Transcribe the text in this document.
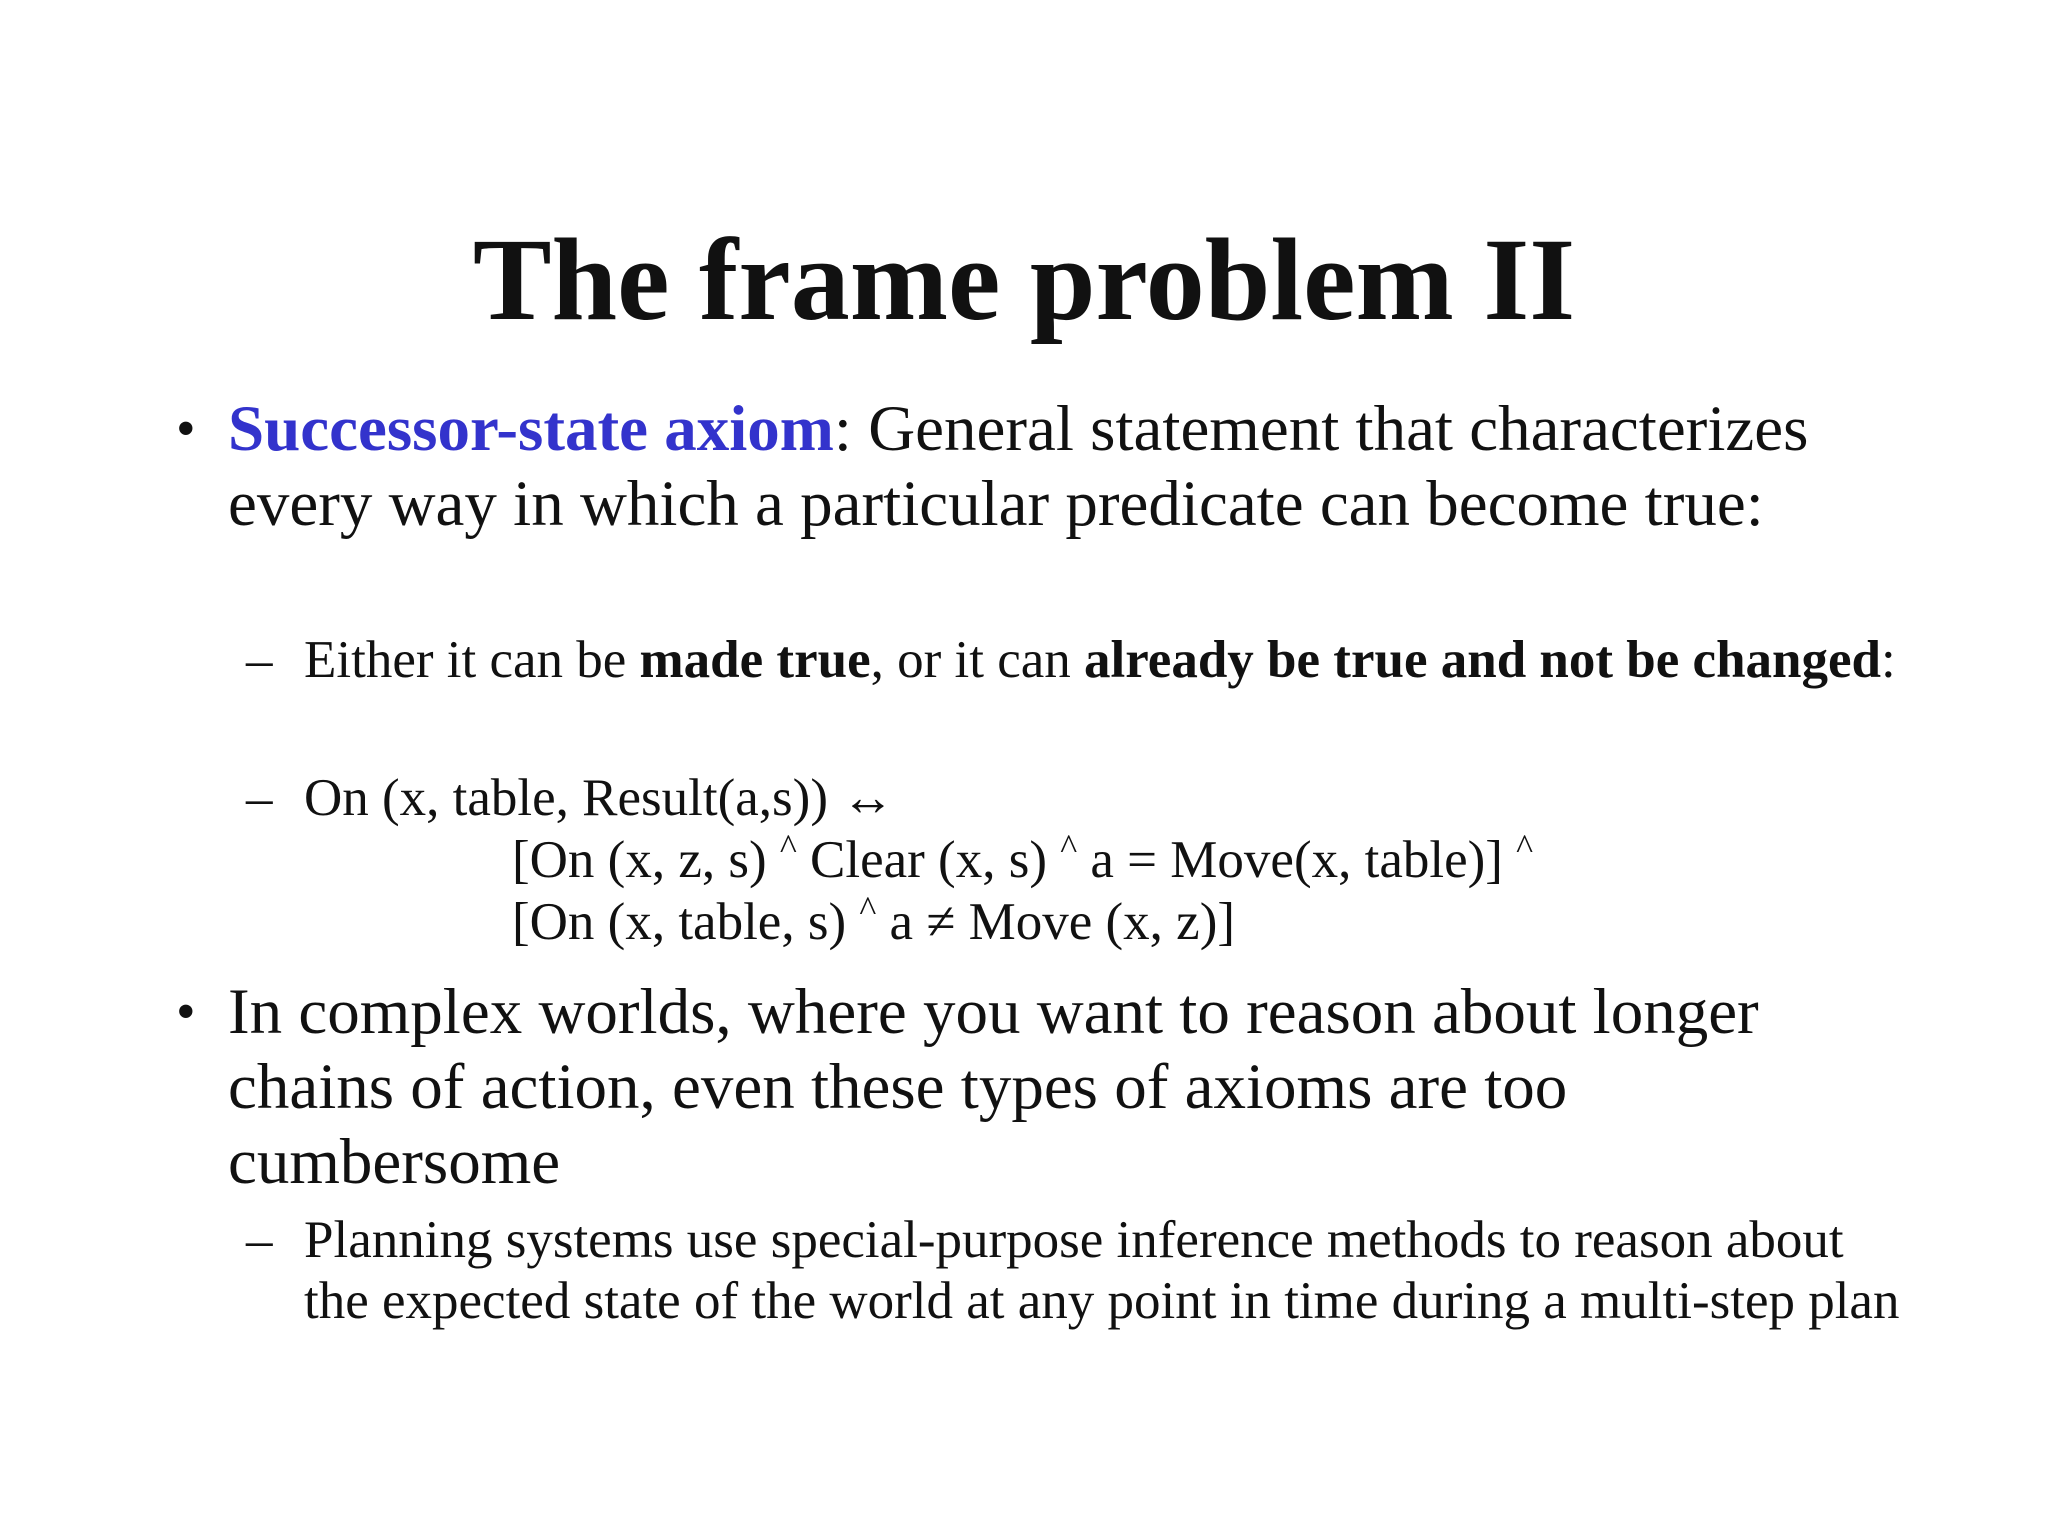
The frame problem II
• Successor-state axiom: General statement that characterizes every way in which a particular predicate can become true:
– Either it can be made true, or it can already be true and not be changed:
– On (x, table, Result(a,s)) ↔
[On (x, z, s) ^ Clear (x, s) ^ a = Move(x, table)] ^
[On (x, table, s) ^ a ≠ Move (x, z)]
• In complex worlds, where you want to reason about longer chains of action, even these types of axioms are too cumbersome
– Planning systems use special-purpose inference methods to reason about the expected state of the world at any point in time during a multi-step plan
